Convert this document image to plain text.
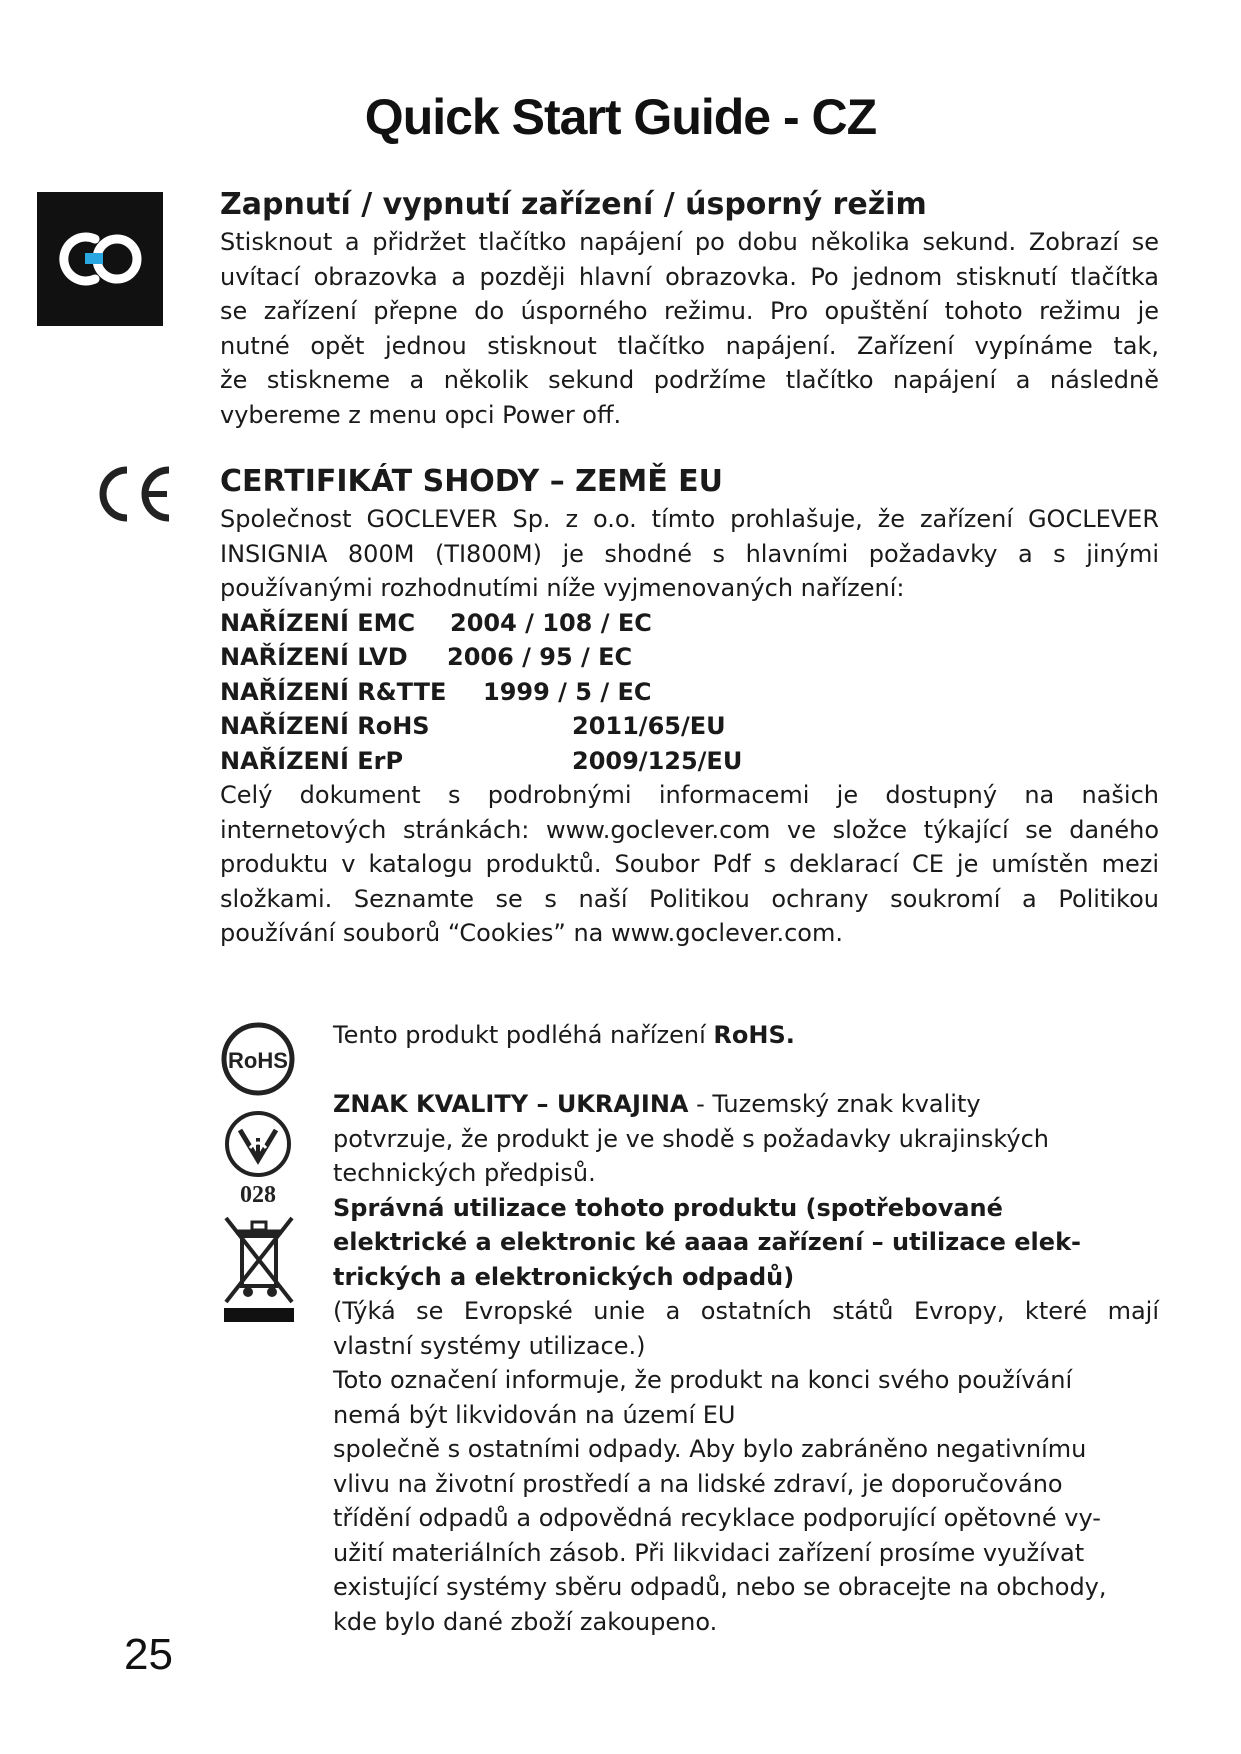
Quick Start Guide - CZ

Zapnutí / vypnutí zařízení / úsporný režim

Stisknout a přidržet tlačítko napájení po dobu několika sekund. Zobrazí se

uvítací obrazovka a později hlavní obrazovka. Po jednom stisknutí tlačítka

se zařízení přepne do úsporného režimu. Pro opuštění tohoto režimu je

nutné opět jednou stisknout tlačítko napájení. Zařízení vypínáme tak,

že stiskneme a několik sekund podržíme tlačítko napájení a následně

vybereme z menu opci Power off.

CERTIFIKÁT SHODY – ZEMĚ EU

Společnost GOCLEVER Sp. z o.o. tímto prohlašuje, že zařízení GOCLEVER

INSIGNIA 800M (TI800M) je shodné s hlavními požadavky a s jinými

používanými rozhodnutími níže vyjmenovaných nařízení:

NAŘÍZENÍ EMC	2004 / 108 / EC
NAŘÍZENÍ LVD	2006 / 95 / EC
NAŘÍZENÍ R&TTE	1999 / 5 / EC
NAŘÍZENÍ RoHS	2011/65/EU
NAŘÍZENÍ ErP	2009/125/EU

Celý dokument s podrobnými informacemi je dostupný na našich

internetových stránkách: www.goclever.com ve složce týkající se daného

produktu v katalogu produktů. Soubor Pdf s deklarací CE je umístěn mezi

složkami. Seznamte se s naší Politikou ochrany soukromí a Politikou

používání souborů “Cookies” na www.goclever.com.

RoHS

028

Tento produkt podléhá nařízení RoHS.

ZNAK KVALITY – UKRAJINA - Tuzemský znak kvality

potvrzuje, že produkt je ve shodě s požadavky ukrajinských

technických předpisů.

Správná utilizace tohoto produktu (spotřebované

elektrické a elektronic ké aaaa zařízení – utilizace elek-

trických a elektronických odpadů)

(Týká se Evropské unie a ostatních států Evropy, které mají

vlastní systémy utilizace.)

Toto označení informuje, že produkt na konci svého používání

nemá být likvidován na území EU

společně s ostatními odpady. Aby bylo zabráněno negativnímu

vlivu na životní prostředí a na lidské zdraví, je doporučováno

třídění odpadů a odpovědná recyklace podporující opětovné vy-

užití materiálních zásob. Při likvidaci zařízení prosíme využívat

existující systémy sběru odpadů, nebo se obracejte na obchody,

kde bylo dané zboží zakoupeno.

25
